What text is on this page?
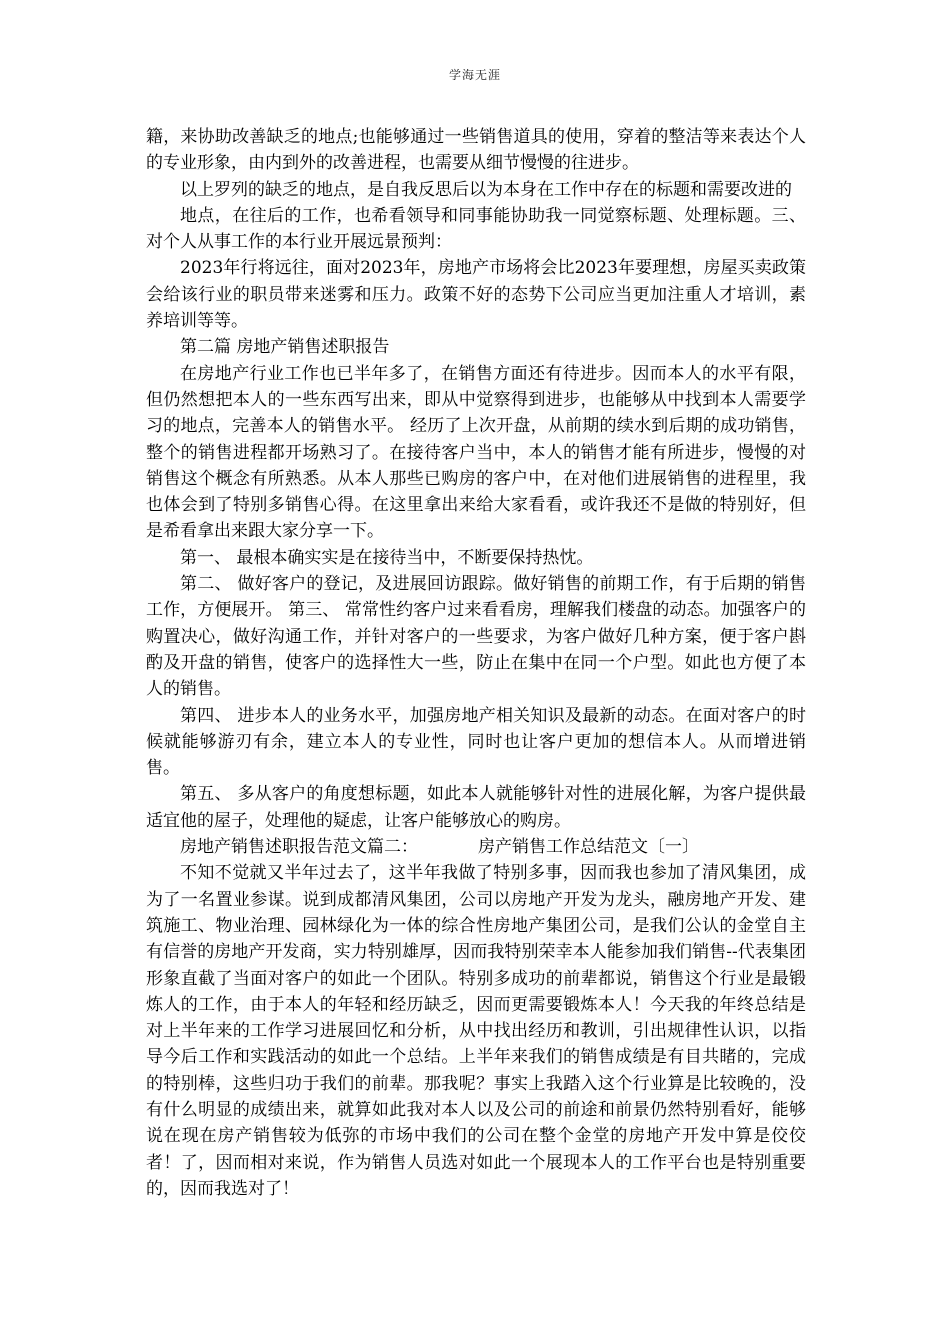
学海无涯

籍，来协助改善缺乏的地点;也能够通过一些销售道具的使用，穿着的整洁等来表达个人的专业形象，由内到外的改善进程，也需要从细节慢慢的往进步。

以上罗列的缺乏的地点，是自我反思后以为本身在工作中存在的标题和需要改进的

地点，在往后的工作，也希看领导和同事能协助我一同觉察标题、处理标题。三、 对个人从事工作的本行业开展远景预判：

2023年行将远往，面对2023年，房地产市场将会比2023年要理想，房屋买卖政策会给该行业的职员带来迷雾和压力。政策不好的态势下公司应当更加注重人才培训，素养培训等等。

第二篇 房地产销售述职报告

在房地产行业工作也已半年多了，在销售方面还有待进步。因而本人的水平有限，但仍然想把本人的一些东西写出来，即从中觉察得到进步，也能够从中找到本人需要学习的地点，完善本人的销售水平。 经历了上次开盘，从前期的续水到后期的成功销售，整个的销售进程都开场熟习了。在接待客户当中，本人的销售才能有所进步，慢慢的对销售这个概念有所熟悉。从本人那些已购房的客户中，在对他们进展销售的进程里，我也体会到了特别多销售心得。在这里拿出来给大家看看，或许我还不是做的特别好，但是希看拿出来跟大家分享一下。

第一、 最根本确实实是在接待当中，不断要保持热忱。

第二、 做好客户的登记，及进展回访跟踪。做好销售的前期工作，有于后期的销售工作，方便展开。 第三、 常常性约客户过来看看房，理解我们楼盘的动态。加强客户的购置决心，做好沟通工作，并针对客户的一些要求，为客户做好几种方案，便于客户斟酌及开盘的销售，使客户的选择性大一些，防止在集中在同一个户型。如此也方便了本人的销售。

第四、 进步本人的业务水平，加强房地产相关知识及最新的动态。在面对客户的时候就能够游刃有余，建立本人的专业性，同时也让客户更加的想信本人。从而增进销售。

第五、 多从客户的角度想标题，如此本人就能够针对性的进展化解，为客户提供最适宜他的屋子，处理他的疑虑，让客户能够放心的购房。

房地产销售述职报告范文篇二：	房产销售工作总结范文〔一〕

不知不觉就又半年过去了，这半年我做了特别多事，因而我也参加了清风集团，成为了一名置业参谋。说到成都清风集团，公司以房地产开发为龙头，融房地产开发、建筑施工、物业治理、园林绿化为一体的综合性房地产集团公司，是我们公认的金堂自主有信誉的房地产开发商，实力特别雄厚，因而我特别荣幸本人能参加我们销售--代表集团形象直截了当面对客户的如此一个团队。特别多成功的前辈都说，销售这个行业是最锻炼人的工作，由于本人的年轻和经历缺乏，因而更需要锻炼本人！今天我的年终总结是对上半年来的工作学习进展回忆和分析，从中找出经历和教训，引出规律性认识，以指导今后工作和实践活动的如此一个总结。上半年来我们的销售成绩是有目共睹的，完成的特别棒，这些归功于我们的前辈。那我呢？事实上我踏入这个行业算是比较晚的，没有什么明显的成绩出来，就算如此我对本人以及公司的前途和前景仍然特别看好，能够说在现在房产销售较为低弥的市场中我们的公司在整个金堂的房地产开发中算是佼佼者！了，因而相对来说，作为销售人员选对如此一个展现本人的工作平台也是特别重要的，因而我选对了！
